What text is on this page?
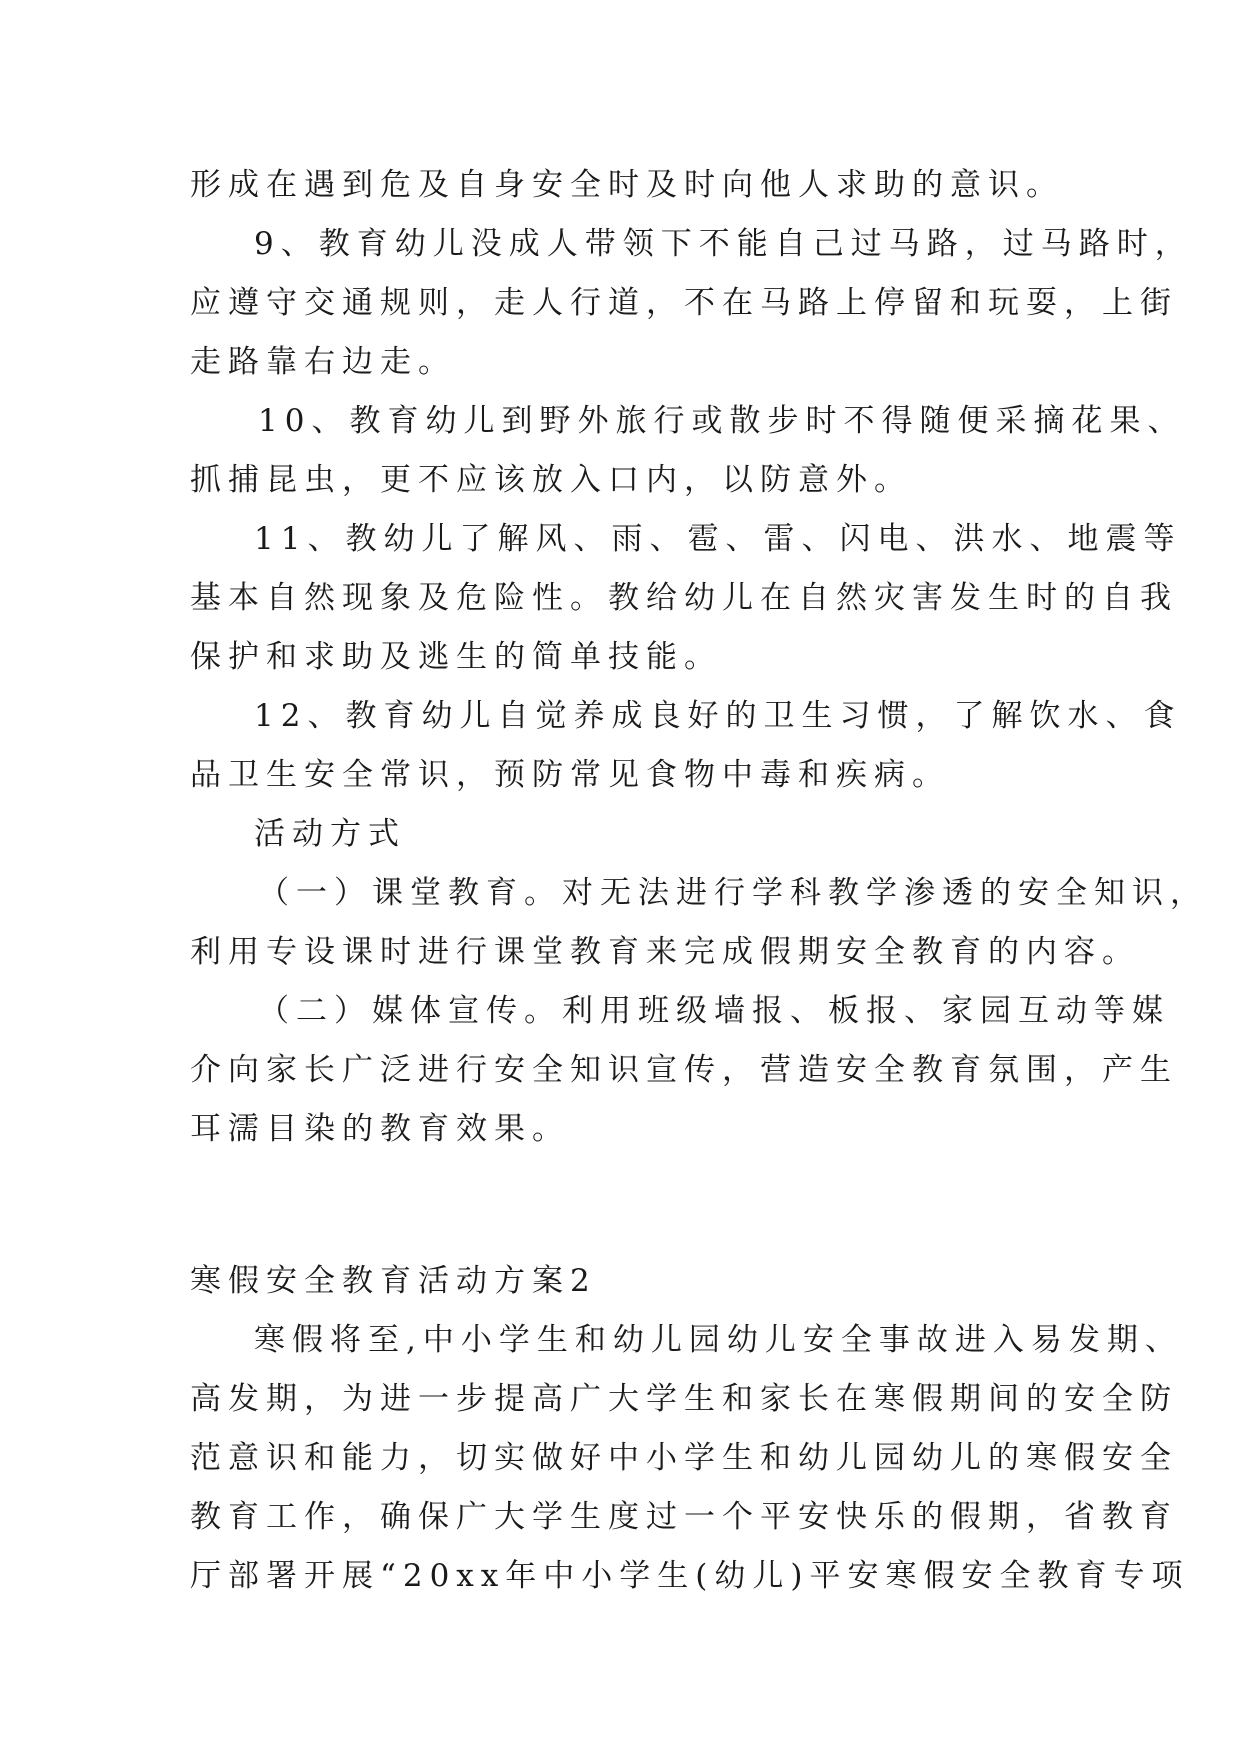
形成在遇到危及自身安全时及时向他人求助的意识。
9、教育幼儿没成人带领下不能自己过马路，过马路时，
应遵守交通规则，走人行道，不在马路上停留和玩耍，上街
走路靠右边走。
10、教育幼儿到野外旅行或散步时不得随便采摘花果、
抓捕昆虫，更不应该放入口内，以防意外。
11、教幼儿了解风、雨、雹、雷、闪电、洪水、地震等
基本自然现象及危险性。教给幼儿在自然灾害发生时的自我
保护和求助及逃生的简单技能。
12、教育幼儿自觉养成良好的卫生习惯，了解饮水、食
品卫生安全常识，预防常见食物中毒和疾病。
活动方式
（一）课堂教育。对无法进行学科教学渗透的安全知识，
利用专设课时进行课堂教育来完成假期安全教育的内容。
（二）媒体宣传。利用班级墙报、板报、家园互动等媒
介向家长广泛进行安全知识宣传，营造安全教育氛围，产生
耳濡目染的教育效果。
寒假安全教育活动方案2
寒假将至,中小学生和幼儿园幼儿安全事故进入易发期、
高发期，为进一步提高广大学生和家长在寒假期间的安全防
范意识和能力，切实做好中小学生和幼儿园幼儿的寒假安全
教育工作，确保广大学生度过一个平安快乐的假期，省教育
厅部署开展“20xx年中小学生(幼儿)平安寒假安全教育专项
